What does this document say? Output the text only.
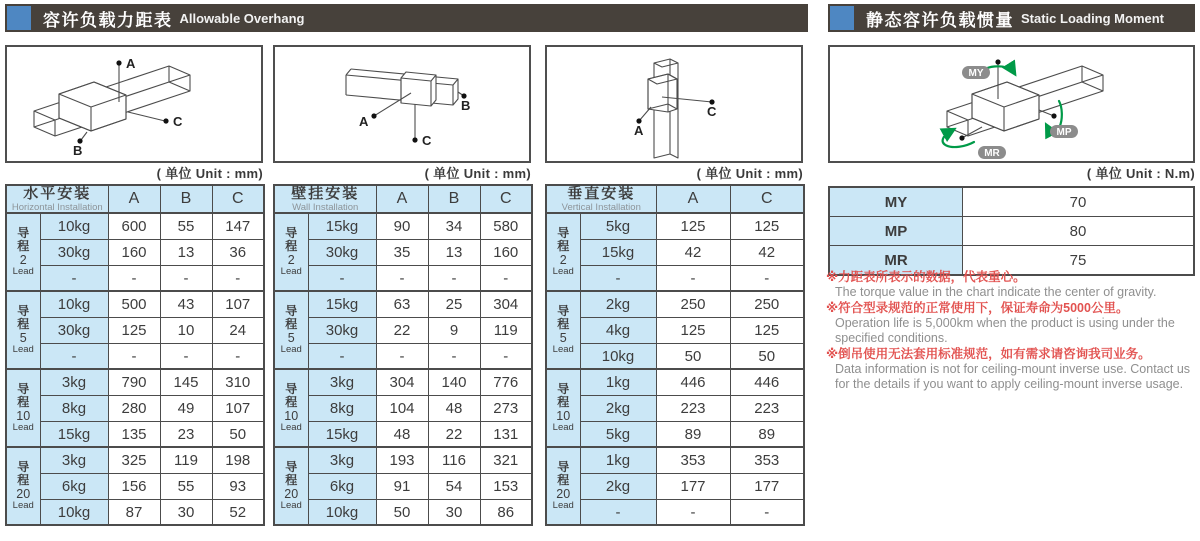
容许负载力距表 Allowable Overhang	静态容许负载惯量 Static Loading Moment
A
B
C	A
B
C
A
C
MY
MP
MR
( 单位 Unit : mm)	( 单位 Unit : mm)	( 单位 Unit : mm)	( 单位 Unit : N.m)
水平安装
Horizontal Installation		A	B	C

导
程
2
Lead	10kg	600	55	147
	30kg	160	13	36
	-	-	-	-

导
程
5
Lead	10kg	500	43	107
	30kg	125	10	24
	-	-	-	-

导
程
10
Lead	3kg	790	145	310
	8kg	280	49	107
	15kg	135	23	50

导
程
20
Lead	3kg	325	119	198
	6kg	156	55	93
	10kg	87	30	52
壁挂安装
Wall Installation		A	B	C

导
程
2
Lead	15kg	90	34	580
	30kg	35	13	160
	-	-	-	-

导
程
5
Lead	15kg	63	25	304
	30kg	22	9	119
	-	-	-	-

导
程
10
Lead	3kg	304	140	776
	8kg	104	48	273
	15kg	48	22	131

导
程
20
Lead	3kg	193	116	321
	6kg	91	54	153
	10kg	50	30	86
垂直安装
Vertical Installation		A	C

导
程
2
Lead	5kg	125	125
	15kg	42	42
	-	-	-

导
程
5
Lead	2kg	250	250
	4kg	125	125
	10kg	50	50

导
程
10
Lead	1kg	446	446
	2kg	223	223
	5kg	89	89

导
程
20
Lead	1kg	353	353
	2kg	177	177
	-	-	-
MY	70
MP	80
MR	75
※力距表所表示的数据，代表重心。
The torque value in the chart indicate the center of gravity.
※符合型录规范的正常使用下，保证寿命为5000公里。
Operation life is 5,000km when the product is using under the specified conditions.
※倒吊使用无法套用标准规范，如有需求请咨询我司业务。
Data information is not for ceiling-mount inverse use. Contact us for the details if you want to apply ceiling-mount inverse usage.
